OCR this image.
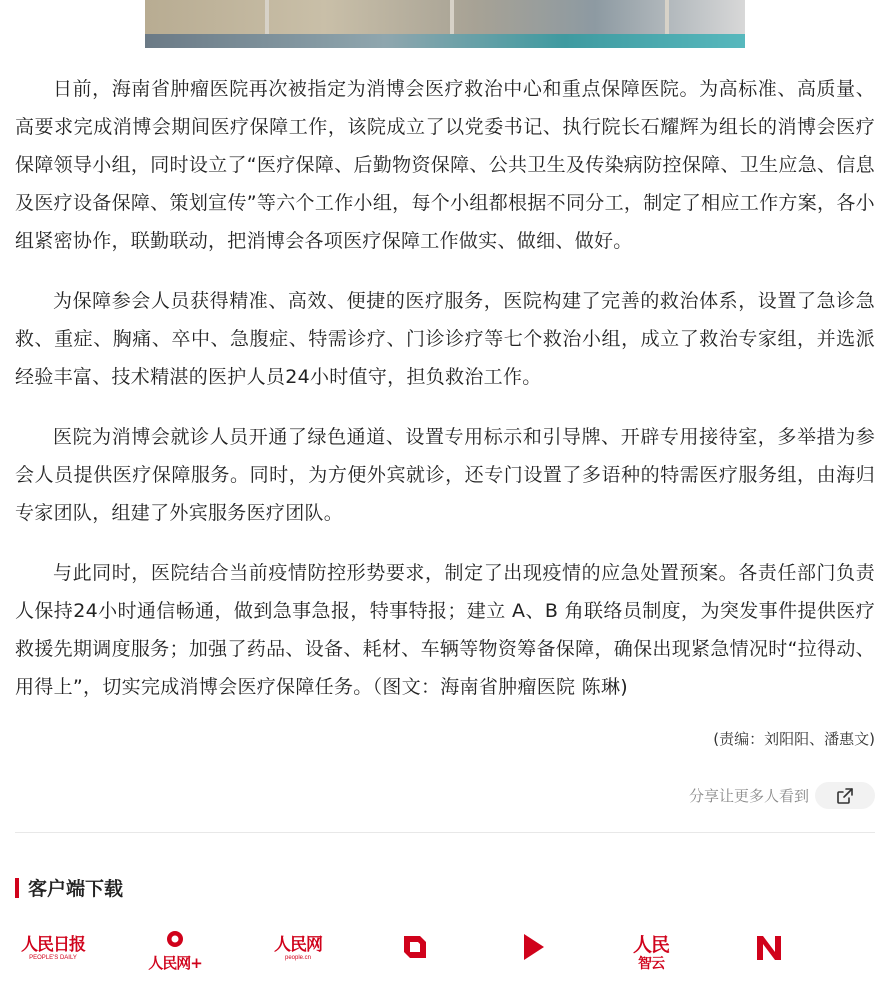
日前，海南省肿瘤医院再次被指定为消博会医疗救治中心和重点保障医院。为高标准、高质量、高要求完成消博会期间医疗保障工作，该院成立了以党委书记、执行院长石耀辉为组长的消博会医疗保障领导小组，同时设立了“医疗保障、后勤物资保障、公共卫生及传染病防控保障、卫生应急、信息及医疗设备保障、策划宣传”等六个工作小组，每个小组都根据不同分工，制定了相应工作方案，各小组紧密协作，联勤联动，把消博会各项医疗保障工作做实、做细、做好。

为保障参会人员获得精准、高效、便捷的医疗服务，医院构建了完善的救治体系，设置了急诊急救、重症、胸痛、卒中、急腹症、特需诊疗、门诊诊疗等七个救治小组，成立了救治专家组，并选派经验丰富、技术精湛的医护人员24小时值守，担负救治工作。

医院为消博会就诊人员开通了绿色通道、设置专用标示和引导牌、开辟专用接待室，多举措为参会人员提供医疗保障服务。同时，为方便外宾就诊，还专门设置了多语种的特需医疗服务组，由海归专家团队，组建了外宾服务医疗团队。

与此同时，医院结合当前疫情防控形势要求，制定了出现疫情的应急处置预案。各责任部门负责人保持24小时通信畅通，做到急事急报，特事特报；建立 A、B 角联络员制度，为突发事件提供医疗救援先期调度服务；加强了药品、设备、耗材、车辆等物资筹备保障，确保出现紧急情况时“拉得动、用得上”，切实完成消博会医疗保障任务。（图文：海南省肿瘤医院 陈琳)

(责编：刘阳阳、潘惠文)
分享让更多人看到
客户端下载
人民日报
PEOPLE'S DAILY	人民网+
人民网
people.cn
人民
智云
